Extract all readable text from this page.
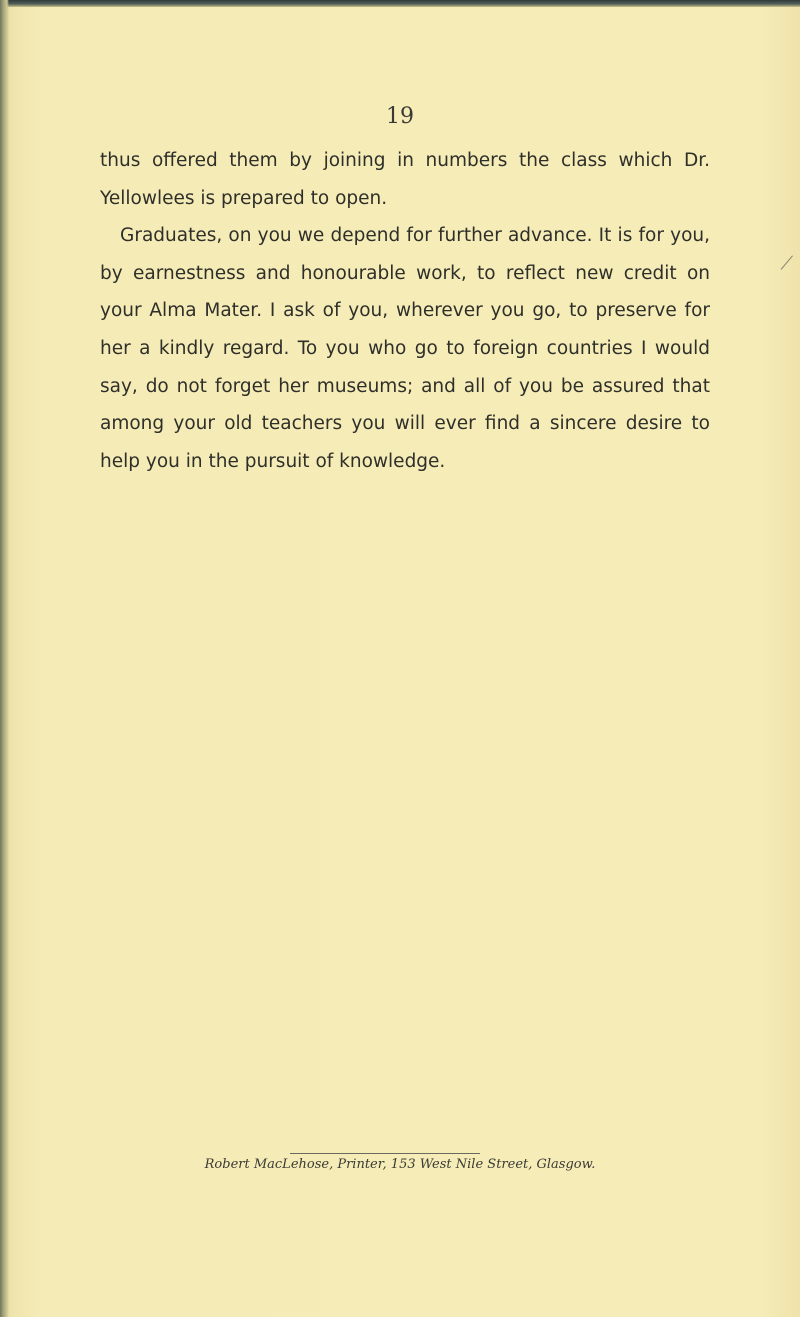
19

thus offered them by joining in numbers the class which Dr. Yellowlees is prepared to open.

Graduates, on you we depend for further advance. It is for you, by earnestness and honourable work, to reflect new credit on your Alma Mater. I ask of you, wherever you go, to preserve for her a kindly regard. To you who go to foreign countries I would say, do not forget her museums; and all of you be assured that among your old teachers you will ever find a sincere desire to help you in the pursuit of knowledge.

Robert MacLehose, Printer, 153 West Nile Street, Glasgow.
